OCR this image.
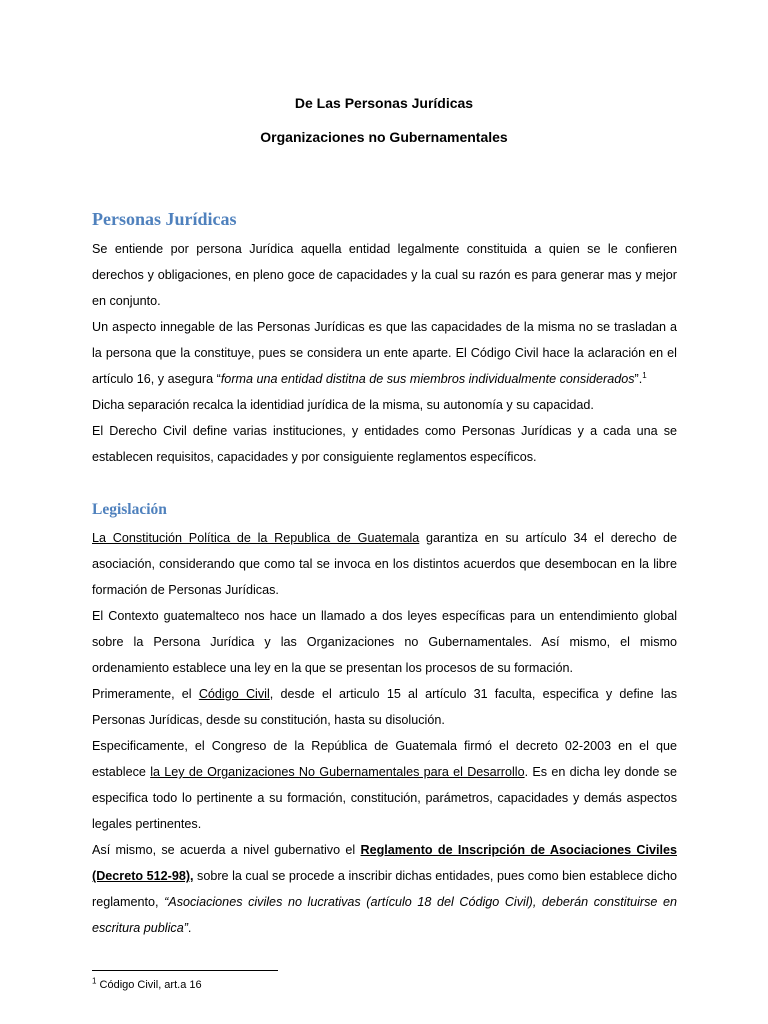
De Las Personas Jurídicas
Organizaciones no Gubernamentales
Personas Jurídicas

Se entiende por persona Jurídica aquella entidad legalmente constituida a quien se le confieren derechos y obligaciones, en pleno goce de capacidades y la cual su razón es para generar mas y mejor en conjunto.

Un aspecto innegable de las Personas Jurídicas es que las capacidades de la misma no se trasladan a la persona que la constituye, pues se considera un ente aparte. El Código Civil hace la aclaración en el artículo 16, y asegura “forma una entidad distitna de sus miembros individualmente considerados”.$^1$

Dicha separación recalca la identidiad jurídica de la misma, su autonomía y su capacidad.

El Derecho Civil define varias instituciones, y entidades como Personas Jurídicas y a cada una se establecen requisitos, capacidades y por consiguiente reglamentos específicos.

Legislación

La Constitución Política de la Republica de Guatemala garantiza en su artículo 34 el derecho de asociación, considerando que como tal se invoca en los distintos acuerdos que desembocan en la libre formación de Personas Jurídicas.

El Contexto guatemalteco nos hace un llamado a dos leyes específicas para un entendimiento global sobre la Persona Jurídica y las Organizaciones no Gubernamentales. Así mismo, el mismo ordenamiento establece una ley en la que se presentan los procesos de su formación.

Primeramente, el Código Civil, desde el articulo 15 al artículo 31 faculta, especifica y define las Personas Jurídicas, desde su constitución, hasta su disolución.

Especificamente, el Congreso de la República de Guatemala firmó el decreto 02-2003 en el que establece la Ley de Organizaciones No Gubernamentales para el Desarrollo. Es en dicha ley donde se especifica todo lo pertinente a su formación, constitución, parámetros, capacidades y demás aspectos legales pertinentes.

Así mismo, se acuerda a nivel gubernativo el Reglamento de Inscripción de Asociaciones Civiles (Decreto 512-98), sobre la cual se procede a inscribir dichas entidades, pues como bien establece dicho reglamento, “Asociaciones civiles no lucrativas (artículo 18 del Código Civil), deberán constituirse en escritura publica”.

$^1$ Código Civil, art.a 16
